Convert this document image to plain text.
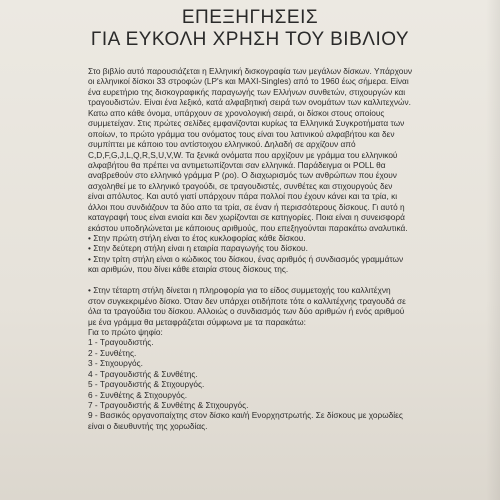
ΕΠΕΞΗΓΗΣΕΙΣ
ΓΙΑ ΕΥΚΟΛΗ ΧΡΗΣΗ ΤΟΥ ΒΙΒΛΙΟΥ
Στο βιβλίο αυτό παρουσιάζεται η Ελληνική δισκογραφία των μεγάλων δίσκων. Υπάρχουν
οι ελληνικοί δίσκοι 33 στροφών (LP's και MAXI-Singles) από το 1960 έως σήμερα. Είναι
ένα ευρετήριο της δισκογραφικής παραγωγής των Ελλήνων συνθετών, στιχουργών και
τραγουδιστών. Είναι ένα λεξικό, κατά αλφαβητική σειρά των ονομάτων των καλλιτεχνών.
Κατω απο κάθε όνομα, υπάρχουν σε χρονολογική σειρά, οι δίσκοι στους οποίους
συμμετείχαν. Στις πρώτες σελίδες εμφανίζονται κυρίως τα Ελληνικά Συγκροτήματα των
οποίων, το πρώτο γράμμα του ονόματος τους είναι του λατινικού αλφαβήτου και δεν
συμπίπτει με κάποιο του αντίστοιχου ελληνικού. Δηλαδή σε αρχίζουν από
C,D,F,G,J,L,Q,R,S,U,V,W. Τα ξενικά ονόματα που αρχίζουν με γράμμα του ελληνικού
αλφαβήτου θα πρέπει να αντιμετωπίζονται σαν ελληνικά. Παράδειγμα οι POLL θα
αναβρεθούν στο ελληνικό γράμμα Ρ (ρο). Ο διαχωρισμός των ανθρώπων που έχουν
ασχοληθεί με το ελληνικό τραγούδι, σε τραγουδιστές, συνθέτες και στιχουργούς δεν
είναι απόλυτος. Και αυτό γιατί υπάρχουν πάρα πολλοί που έχουν κάνει και τα τρία, κι
άλλοι που συνδιάζουν τα δύο απο τα τρία, σε έναν ή περισσότερους δίσκους. Γι αυτό η
καταγραφή τους είναι ενιαία και δεν χωρίζονται σε κατηγορίες. Ποια είναι η συνεισφορά
εκάστου υποδηλώνεται με κάποιους αριθμούς, που επεξηγούνται παρακάτω αναλυτικά.
• Στην πρώτη στήλη είναι το έτος κυκλοφορίας κάθε δίσκου.
• Στην δεύτερη στήλη είναι η εταιρία παραγωγής του δίσκου.
• Στην τρίτη στήλη είναι ο κώδικος του δίσκου, ένας αριθμός ή συνδιασμός γραμμάτων
και αριθμών, που δίνει κάθε εταιρία στους δίσκους της.
• Στην τέταρτη στήλη δίνεται η πληροφορία για το είδος συμμετοχής του καλλιτέχνη
στον συγκεκριμένο δίσκο. Όταν δεν υπάρχει οτιδήποτε τότε ο καλλιτέχνης τραγουδά σε
όλα τα τραγούδια του δίσκου. Αλλοιώς ο συνδιασμός των δύο αριθμών ή ενός αριθμού
με ένα γράμμα θα μεταφράζεται σύμφωνα με τα παρακάτω:
Για το πρώτο ψηφίο:
1 - Τραγουδιστής.
2 - Συνθέτης.
3 - Στιχουργός.
4 - Τραγουδιστής & Συνθέτης.
5 - Τραγουδιστής & Στιχουργός.
6 - Συνθέτης & Στιχουργός.
7 - Τραγουδιστής & Συνθέτης & Στιχουργός.
9 - Βασικός οργανοπαίχτης στον δίσκο και/ή Ενορχηστρωτής. Σε δίσκους με χορωδίες
είναι ο διευθυντής της χορωδίας.
